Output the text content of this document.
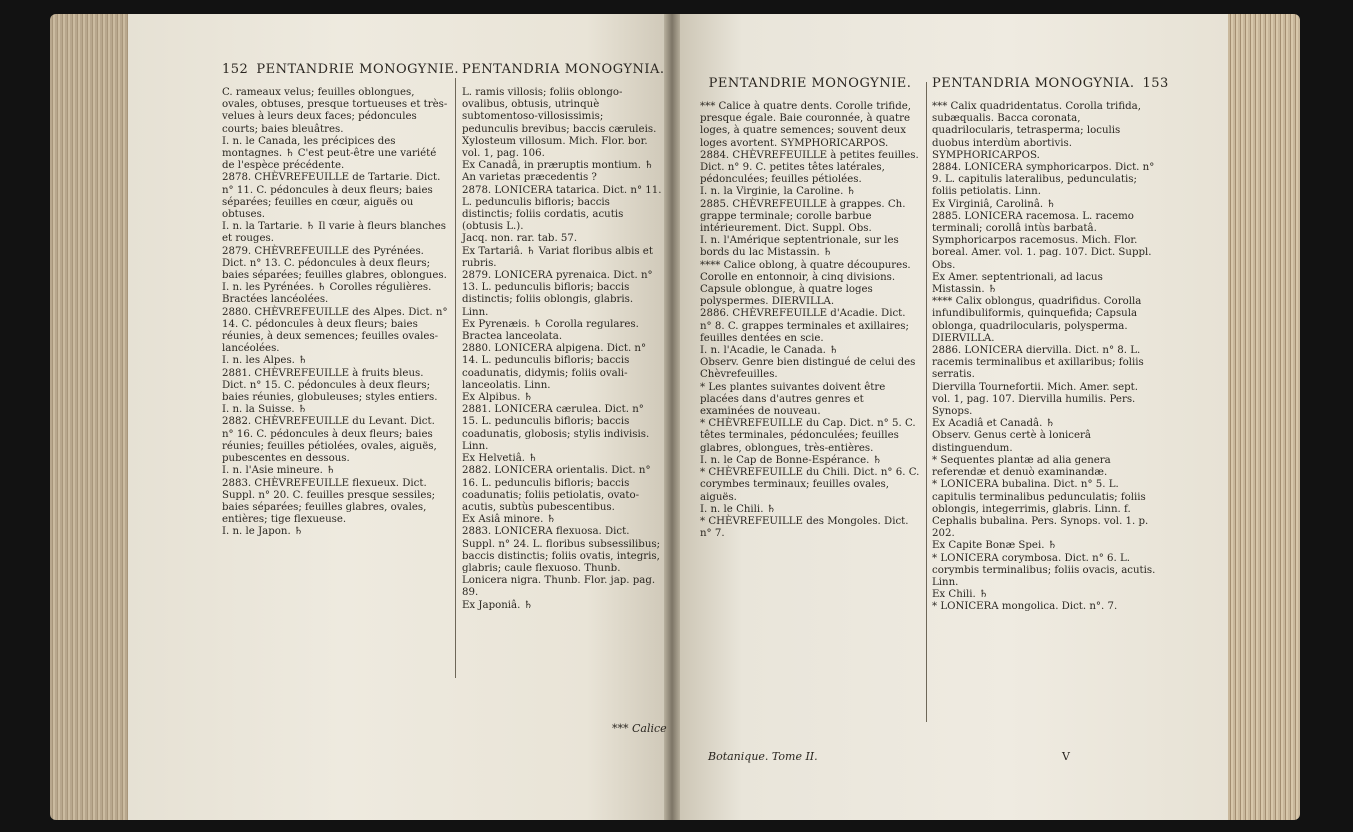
152 PENTANDRIE MONOGYNIE.

C. rameaux velus; feuilles oblongues, ovales, obtuses, presque tortueuses et très-velues à leurs deux faces; pédoncules courts; baies bleuâtres.

I. n. le Canada, les précipices des montagnes. ♄ C'est peut-être une variété de l'espèce précédente.

2878. CHÈVREFEUILLE de Tartarie. Dict. n° 11. C. pédoncules à deux fleurs; baies séparées; feuilles en cœur, aiguës ou obtuses.

I. n. la Tartarie. ♄ Il varie à fleurs blanches et rouges.

2879. CHÈVREFEUILLE des Pyrénées. Dict. n° 13. C. pédoncules à deux fleurs; baies séparées; feuilles glabres, oblongues.

I. n. les Pyrénées. ♄ Corolles régulières. Bractées lancéolées.

2880. CHÈVREFEUILLE des Alpes. Dict. n° 14. C. pédoncules à deux fleurs; baies réunies, à deux semences; feuilles ovales-lancéolées.

I. n. les Alpes. ♄

2881. CHÈVREFEUILLE à fruits bleus. Dict. n° 15. C. pédoncules à deux fleurs; baies réunies, globuleuses; styles entiers.

I. n. la Suisse. ♄

2882. CHÈVREFEUILLE du Levant. Dict. n° 16. C. pédoncules à deux fleurs; baies réunies; feuilles pétiolées, ovales, aiguës, pubescentes en dessous.

I. n. l'Asie mineure. ♄

2883. CHÈVREFEUILLE flexueux. Dict. Suppl. n° 20. C. feuilles presque sessiles; baies séparées; feuilles glabres, ovales, entières; tige flexueuse.

I. n. le Japon. ♄

PENTANDRIA MONOGYNIA.

L. ramis villosis; foliis oblongo-ovalibus, obtusis, utrinquè subtomentoso-villosissimis; pedunculis brevibus; baccis cæruleis.

Xylosteum villosum. Mich. Flor. bor. vol. 1, pag. 106.

Ex Canadâ, in præruptis montium. ♄ An varietas præcedentis ?

2878. LONICERA tatarica. Dict. n° 11. L. pedunculis bifloris; baccis distinctis; foliis cordatis, acutis (obtusis L.).

Jacq. non. rar. tab. 57.

Ex Tartariâ. ♄ Variat floribus albis et rubris.

2879. LONICERA pyrenaica. Dict. n° 13. L. pedunculis bifloris; baccis distinctis; foliis oblongis, glabris. Linn.

Ex Pyrenæis. ♄ Corolla regulares. Bractea lanceolata.

2880. LONICERA alpigena. Dict. n° 14. L. pedunculis bifloris; baccis coadunatis, didymis; foliis ovali-lanceolatis. Linn.

Ex Alpibus. ♄

2881. LONICERA cærulea. Dict. n° 15. L. pedunculis bifloris; baccis coadunatis, globosis; stylis indivisis. Linn.

Ex Helvetiâ. ♄

2882. LONICERA orientalis. Dict. n° 16. L. pedunculis bifloris; baccis coadunatis; foliis petiolatis, ovato-acutis, subtùs pubescentibus.

Ex Asiâ minore. ♄

2883. LONICERA flexuosa. Dict. Suppl. n° 24. L. floribus subsessilibus; baccis distinctis; foliis ovatis, integris, glabris; caule flexuoso. Thunb.

Lonicera nigra. Thunb. Flor. jap. pag. 89.

Ex Japoniâ. ♄

PENTANDRIE MONOGYNIE.

*** Calice à quatre dents. Corolle trifide, presque égale. Baie couronnée, à quatre loges, à quatre semences; souvent deux loges avortent. SYMPHORICARPOS.

2884. CHÈVREFEUILLE à petites feuilles. Dict. n° 9. C. petites têtes latérales, pédonculées; feuilles pétiolées.

I. n. la Virginie, la Caroline. ♄

2885. CHÈVREFEUILLE à grappes. Ch. grappe terminale; corolle barbue intérieurement. Dict. Suppl. Obs.

I. n. l'Amérique septentrionale, sur les bords du lac Mistassin. ♄

**** Calice oblong, à quatre découpures. Corolle en entonnoir, à cinq divisions. Capsule oblongue, à quatre loges polyspermes. DIERVILLA.

2886. CHÈVREFEUILLE d'Acadie. Dict. n° 8. C. grappes terminales et axillaires; feuilles dentées en scie.

I. n. l'Acadie, le Canada. ♄

Observ. Genre bien distingué de celui des Chèvrefeuilles.

* Les plantes suivantes doivent être placées dans d'autres genres et examinées de nouveau.

* CHÈVREFEUILLE du Cap. Dict. n° 5. C. têtes terminales, pédonculées; feuilles glabres, oblongues, très-entières.

I. n. le Cap de Bonne-Espérance. ♄

* CHÈVREFEUILLE du Chili. Dict. n° 6. C. corymbes terminaux; feuilles ovales, aiguës.

I. n. le Chili. ♄

* CHÈVREFEUILLE des Mongoles. Dict. n° 7.

PENTANDRIA MONOGYNIA. 153

*** Calix quadridentatus. Corolla trifida, subæqualis. Bacca coronata, quadrilocularis, tetrasperma; loculis duobus interdùm abortivis. SYMPHORICARPOS.

2884. LONICERA symphoricarpos. Dict. n° 9. L. capitulis lateralibus, pedunculatis; foliis petiolatis. Linn.

Ex Virginiâ, Carolinâ. ♄

2885. LONICERA racemosa. L. racemo terminali; corollâ intùs barbatâ.

Symphoricarpos racemosus. Mich. Flor. boreal. Amer. vol. 1. pag. 107. Dict. Suppl. Obs.

Ex Amer. septentrionali, ad lacus Mistassin. ♄

**** Calix oblongus, quadrifidus. Corolla infundibuliformis, quinquefida; Capsula oblonga, quadrilocularis, polysperma. DIERVILLA.

2886. LONICERA diervilla. Dict. n° 8. L. racemis terminalibus et axillaribus; foliis serratis.

Diervilla Tournefortii. Mich. Amer. sept. vol. 1, pag. 107. Diervilla humilis. Pers. Synops.

Ex Acadiâ et Canadâ. ♄

Observ. Genus certè à lonicerâ distinguendum.

* Sequentes plantæ ad alia genera referendæ et denuò examinandæ.

* LONICERA bubalina. Dict. n° 5. L. capitulis terminalibus pedunculatis; foliis oblongis, integerrimis, glabris. Linn. f.

Cephalis bubalina. Pers. Synops. vol. 1. p. 202.

Ex Capite Bonæ Spei. ♄

* LONICERA corymbosa. Dict. n° 6. L. corymbis terminalibus; foliis ovacis, acutis. Linn.

Ex Chili. ♄

* LONICERA mongolica. Dict. n°. 7.

Botanique. Tome II.	V
*** Calice
